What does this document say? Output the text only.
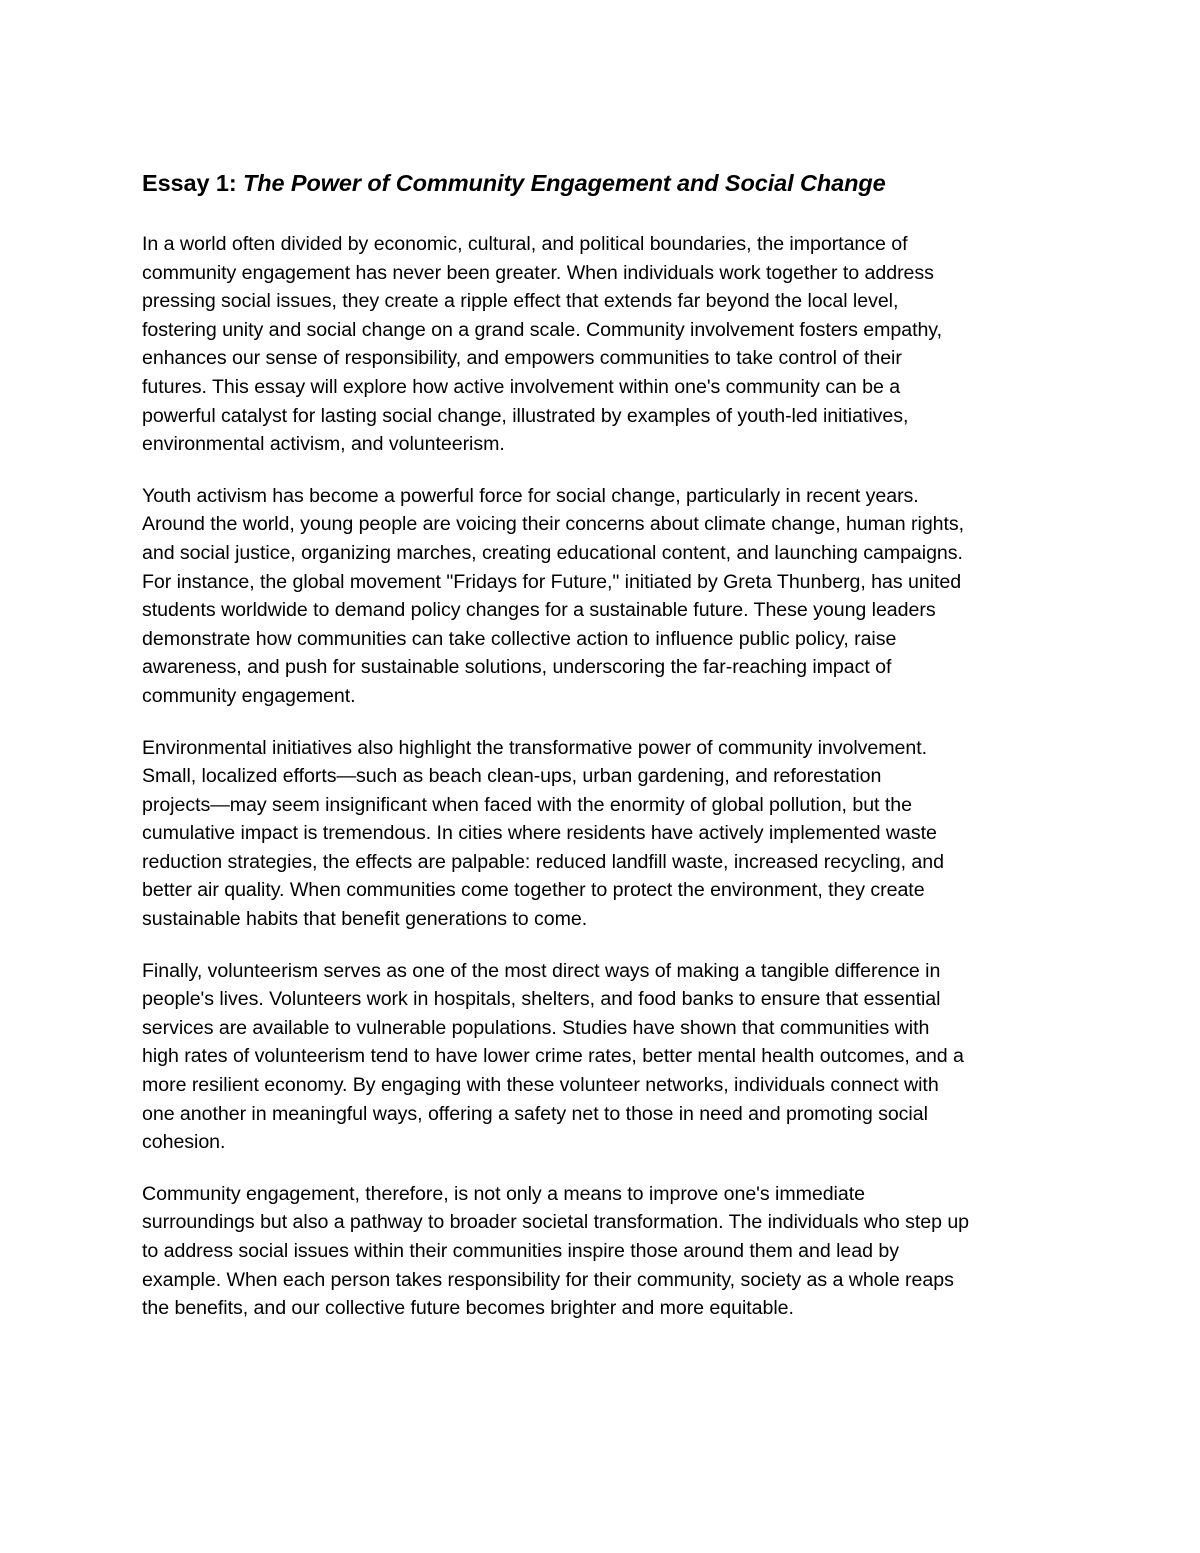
Essay 1: The Power of Community Engagement and Social Change

In a world often divided by economic, cultural, and political boundaries, the importance of
community engagement has never been greater. When individuals work together to address
pressing social issues, they create a ripple effect that extends far beyond the local level,
fostering unity and social change on a grand scale. Community involvement fosters empathy,
enhances our sense of responsibility, and empowers communities to take control of their
futures. This essay will explore how active involvement within one's community can be a
powerful catalyst for lasting social change, illustrated by examples of youth-led initiatives,
environmental activism, and volunteerism.

Youth activism has become a powerful force for social change, particularly in recent years.
Around the world, young people are voicing their concerns about climate change, human rights,
and social justice, organizing marches, creating educational content, and launching campaigns.
For instance, the global movement "Fridays for Future," initiated by Greta Thunberg, has united
students worldwide to demand policy changes for a sustainable future. These young leaders
demonstrate how communities can take collective action to influence public policy, raise
awareness, and push for sustainable solutions, underscoring the far-reaching impact of
community engagement.

Environmental initiatives also highlight the transformative power of community involvement.
Small, localized efforts—such as beach clean-ups, urban gardening, and reforestation
projects—may seem insignificant when faced with the enormity of global pollution, but the
cumulative impact is tremendous. In cities where residents have actively implemented waste
reduction strategies, the effects are palpable: reduced landfill waste, increased recycling, and
better air quality. When communities come together to protect the environment, they create
sustainable habits that benefit generations to come.

Finally, volunteerism serves as one of the most direct ways of making a tangible difference in
people's lives. Volunteers work in hospitals, shelters, and food banks to ensure that essential
services are available to vulnerable populations. Studies have shown that communities with
high rates of volunteerism tend to have lower crime rates, better mental health outcomes, and a
more resilient economy. By engaging with these volunteer networks, individuals connect with
one another in meaningful ways, offering a safety net to those in need and promoting social
cohesion.

Community engagement, therefore, is not only a means to improve one's immediate
surroundings but also a pathway to broader societal transformation. The individuals who step up
to address social issues within their communities inspire those around them and lead by
example. When each person takes responsibility for their community, society as a whole reaps
the benefits, and our collective future becomes brighter and more equitable.
